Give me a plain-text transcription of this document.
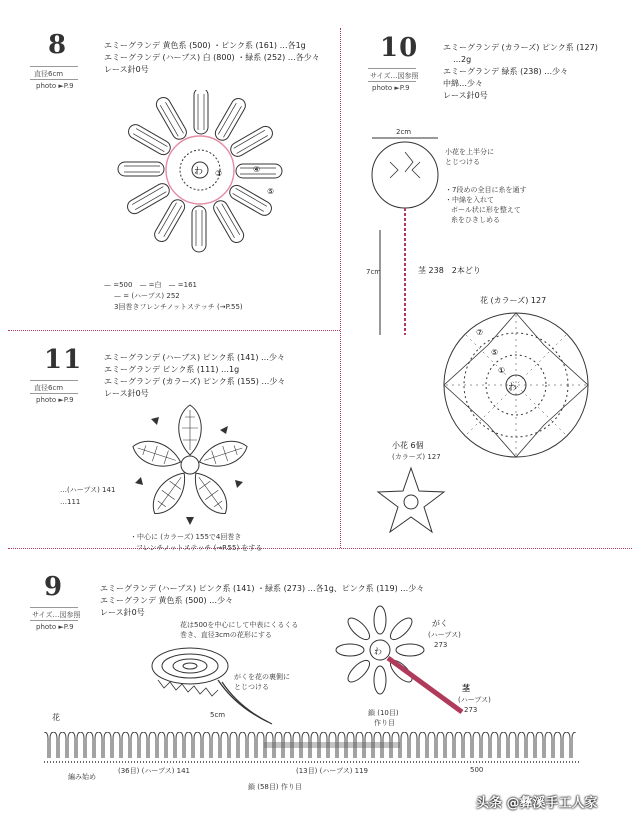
8
直径6cm
photo ►P.9
エミーグランデ 黄色系 (500) ・ピンク系 (161) …各1g
エミーグランデ (ハーブス) 白 (800) ・緑系 (252) …各少々
レース針0号
わ ③	④
⑤
— =500　— =白　— =161
— = (ハーブス) 252
3回巻きフレンチノットステッチ (→P.55)
10
サイズ…図参照
photo ►P.9
エミーグランデ (カラーズ) ピンク系 (127)
…2g
エミーグランデ 緑系 (238) …少々
中綿…少々
レース針0号
2cm
7cm
小花を上半分に
とじつける
・7段めの全目に糸を通す
・中綿を入れて
ボール状に形を整えて
糸をひきしめる
茎 238　2本どり
花 (カラーズ) 127
わ
⑦
⑤
①
小花 6個
(カラーズ) 127
11
直径6cm
photo ►P.9
エミーグランデ (ハーブス) ピンク系 (141) …少々
エミーグランデ ピンク系 (111) …1g
エミーグランデ (カラーズ) ピンク系 (155) …少々
レース針0号
…(ハーブス) 141
…111
・中心に (カラーズ) 155で4回巻き
フレンチノットステッチ (→P.55) をする
9
サイズ…図参照
photo ►P.9
エミーグランデ (ハーブス) ピンク系 (141) ・緑系 (273) …各1g、ピンク系 (119) …少々
エミーグランデ 黄色系 (500) …少々
レース針0号
花は500を中心にして中表にくるくる
巻き、直径3cmの花形にする
がくを花の裏側に
とじつける
5cm
わ
がく
(ハーブス)
273
茎
(ハーブス)
273
鎖 (10目)
作り目
花
編み始め
(36目) (ハーブス) 141	(13目) (ハーブス) 119	500
鎖 (58目) 作り目
头条 @彝溪手工人家
